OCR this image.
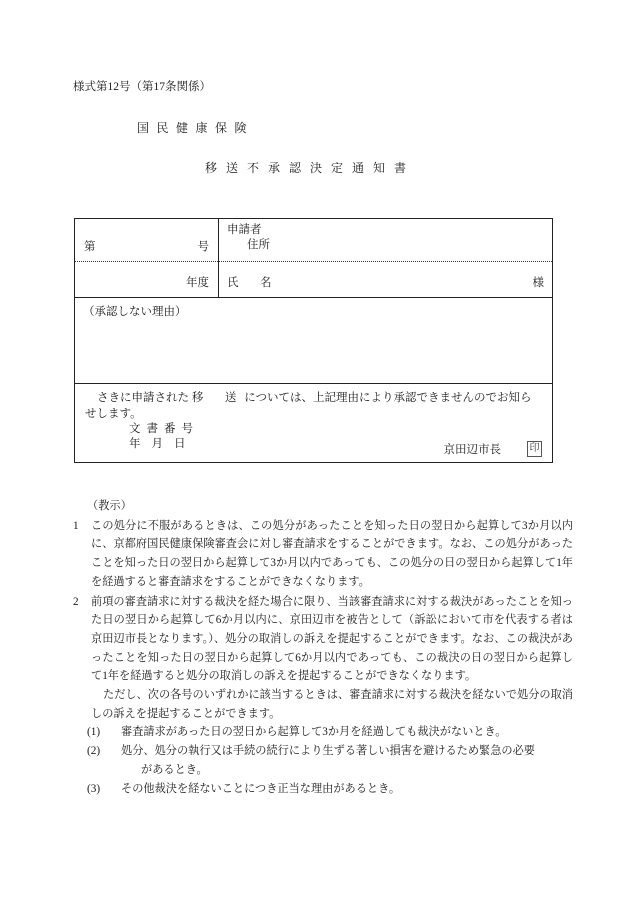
様式第12号（第17条関係）
国民健康保険
移送不承認決定通知書
第	号
年度
申請者
住所
氏　名	様
（承認しない理由）
さきに申請された 移　送 については、上記理由により承認できませんのでお知らせします。
文書番号
年月日	京田辺市長	印
（教示）
1	この処分に不服があるときは、この処分があったことを知った日の翌日から起算して3か月以内に、京都府国民健康保険審査会に対し審査請求をすることができます。なお、この処分があったことを知った日の翌日から起算して3か月以内であっても、この処分の日の翌日から起算して1年を経過すると審査請求をすることができなくなります。

2	前項の審査請求に対する裁決を経た場合に限り、当該審査請求に対する裁決があったことを知った日の翌日から起算して6か月以内に、京田辺市を被告として（訴訟において市を代表する者は京田辺市長となります。）、処分の取消しの訴えを提起することができます。なお、この裁決があったことを知った日の翌日から起算して6か月以内であっても、この裁決の日の翌日から起算して1年を経過すると処分の取消しの訴えを提起することができなくなります。

ただし、次の各号のいずれかに該当するときは、審査請求に対する裁決を経ないで処分の取消しの訴えを提起することができます。

(1)	審査請求があった日の翌日から起算して3か月を経過しても裁決がないとき。

(2)	処分、処分の執行又は手続の続行により生ずる著しい損害を避けるため緊急の必要

があるとき。

(3)	その他裁決を経ないことにつき正当な理由があるとき。
